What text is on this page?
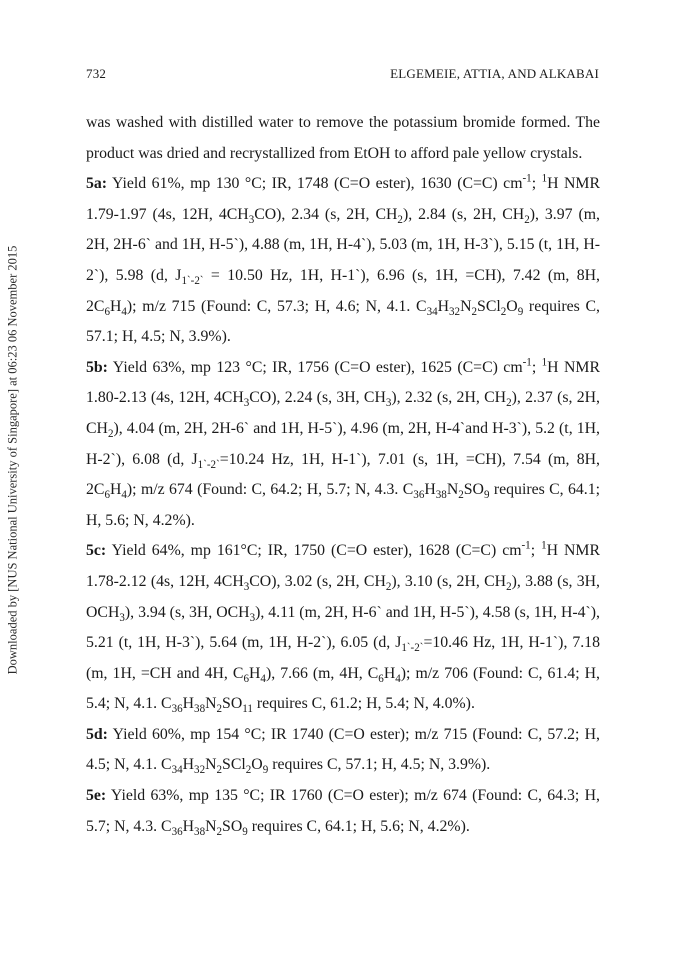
732	ELGEMEIE, ATTIA, AND ALKABAI
Downloaded by [NUS National University of Singapore] at 06:23 06 November 2015

was washed with distilled water to remove the potassium bromide formed. The product was dried and recrystallized from EtOH to afford pale yellow crystals.

5a: Yield 61%, mp 130 °C; IR, 1748 (C=O ester), 1630 (C=C) $cm^{-1}$; $^1$H NMR 1.79-1.97 (4s, 12H, $4CH_3CO$), 2.34 (s, 2H, $CH_2$), 2.84 (s, 2H, $CH_2$), 3.97 (m, 2H, 2H-6` and 1H, H-5`), 4.88 (m, 1H, H-4`), 5.03 (m, 1H, H-3`), 5.15 (t, 1H, H-2`), 5.98 (d, $J_{1`-2`} = 10.50$ Hz, 1H, H-1`), 6.96 (s, 1H, =CH), 7.42 (m, 8H, $2C_6H_4$); m/z 715 (Found: C, 57.3; H, 4.6; N, 4.1. $C_{34}H_{32}N_2SCl_2O_9$ requires C, 57.1; H, 4.5; N, 3.9%).

5b: Yield 63%, mp 123 °C; IR, 1756 (C=O ester), 1625 (C=C) $cm^{-1}$; $^1$H NMR 1.80-2.13 (4s, 12H, $4CH_3CO$), 2.24 (s, 3H, $CH_3$), 2.32 (s, 2H, $CH_2$), 2.37 (s, 2H, $CH_2$), 4.04 (m, 2H, 2H-6` and 1H, H-5`), 4.96 (m, 2H, H-4`and H-3`), 5.2 (t, 1H, H-2`), 6.08 (d, $J_{1`-2`}=10.24$ Hz, 1H, H-1`), 7.01 (s, 1H, =CH), 7.54 (m, 8H, $2C_6H_4$); m/z 674 (Found: C, 64.2; H, 5.7; N, 4.3. $C_{36}H_{38}N_2SO_9$ requires C, 64.1; H, 5.6; N, 4.2%).

5c: Yield 64%, mp 161°C; IR, 1750 (C=O ester), 1628 (C=C) $cm^{-1}$; $^1$H NMR 1.78-2.12 (4s, 12H, $4CH_3CO$), 3.02 (s, 2H, $CH_2$), 3.10 (s, 2H, $CH_2$), 3.88 (s, 3H, $OCH_3$), 3.94 (s, 3H, $OCH_3$), 4.11 (m, 2H, H-6` and 1H, H-5`), 4.58 (s, 1H, H-4`), 5.21 (t, 1H, H-3`), 5.64 (m, 1H, H-2`), 6.05 (d, $J_{1`-2`}=10.46$ Hz, 1H, H-1`), 7.18 (m, 1H, =CH and 4H, $C_6H_4$), 7.66 (m, 4H, $C_6H_4$); m/z 706 (Found: C, 61.4; H, 5.4; N, 4.1. $C_{36}H_{38}N_2SO_{11}$ requires C, 61.2; H, 5.4; N, 4.0%).

5d: Yield 60%, mp 154 °C; IR 1740 (C=O ester); m/z 715 (Found: C, 57.2; H, 4.5; N, 4.1. $C_{34}H_{32}N_2SCl_2O_9$ requires C, 57.1; H, 4.5; N, 3.9%).

5e: Yield 63%, mp 135 °C; IR 1760 (C=O ester); m/z 674 (Found: C, 64.3; H, 5.7; N, 4.3. $C_{36}H_{38}N_2SO_9$ requires C, 64.1; H, 5.6; N, 4.2%).
